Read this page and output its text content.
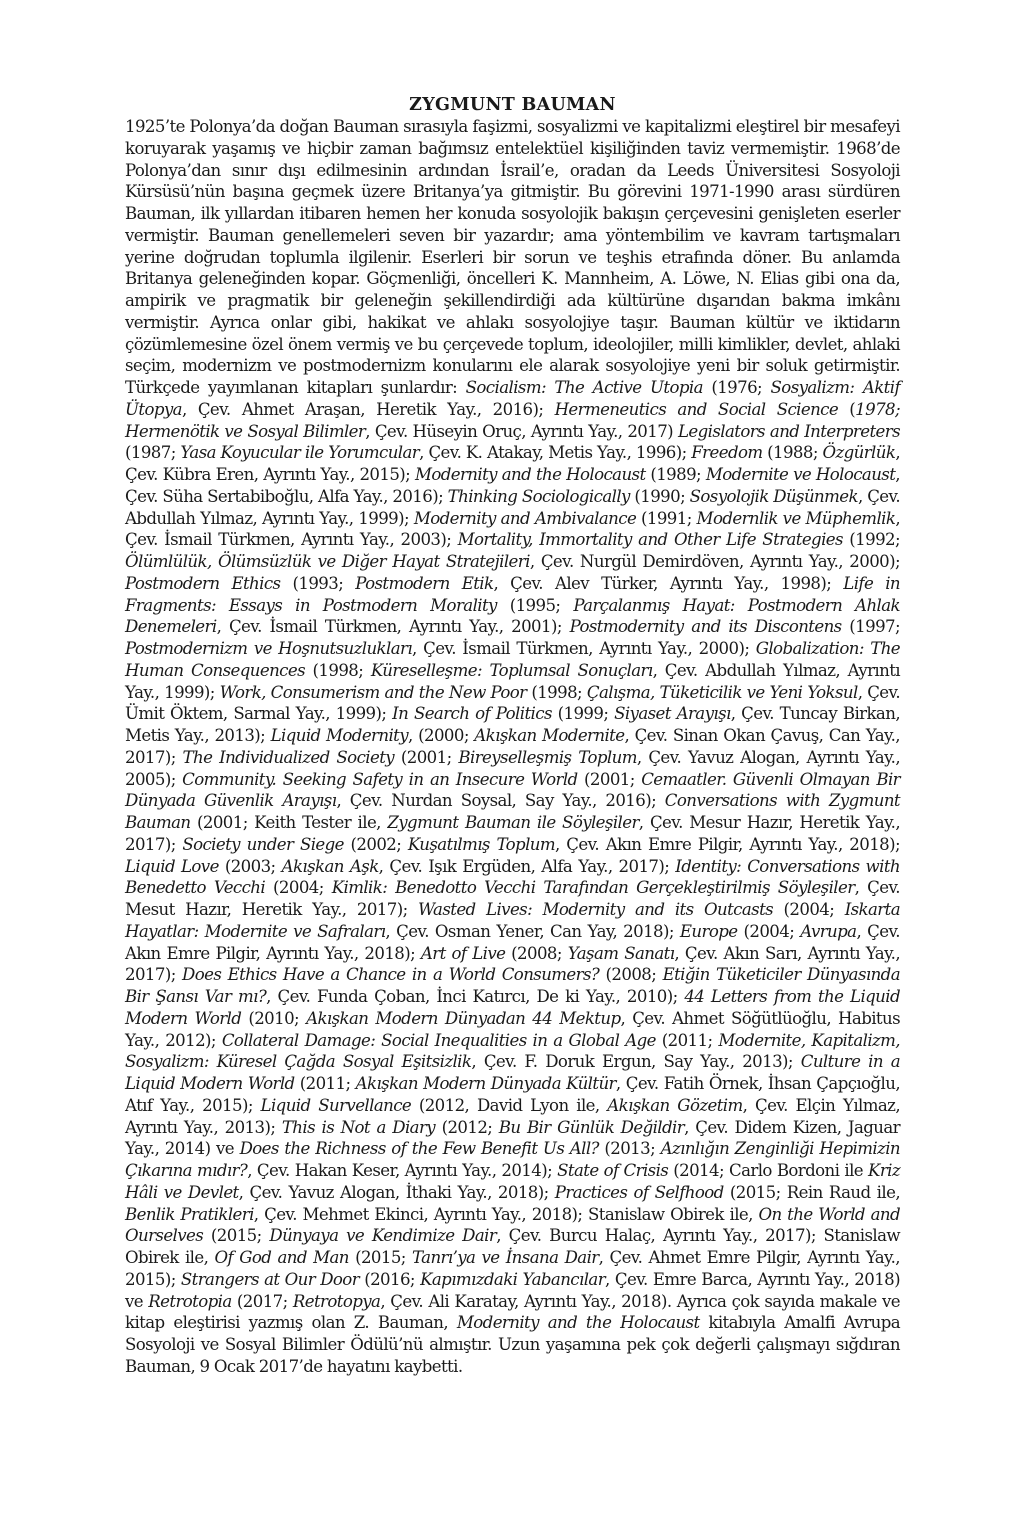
ZYGMUNT BAUMAN

1925’te Polonya’da doğan Bauman sırasıyla faşizmi, sosyalizmi ve kapitalizmi eleştirel bir mesafeyi koruyarak yaşamış ve hiçbir zaman bağımsız entelektüel kişiliğinden taviz vermemiştir. 1968’de Polonya’dan sınır dışı edilmesinin ardından İsrail’e, oradan da Leeds Üniversitesi Sosyoloji Kürsüsü’nün başına geçmek üzere Britanya’ya gitmiştir. Bu görevini 1971-1990 arası sürdüren Bauman, ilk yıllardan itibaren hemen her konuda sosyolojik bakışın çerçevesini genişleten eserler vermiştir. Bauman genellemeleri seven bir yazardır; ama yöntembilim ve kavram tartışmaları yerine doğrudan toplumla ilgilenir. Eserleri bir sorun ve teşhis etrafında döner. Bu anlamda Britanya geleneğinden kopar. Göçmenliği, öncelleri K. Mannheim, A. Löwe, N. Elias gibi ona da, ampirik ve pragmatik bir geleneğin şekillendirdiği ada kültürüne dışarıdan bakma imkânı vermiştir. Ayrıca onlar gibi, hakikat ve ahlakı sosyolojiye taşır. Bauman kültür ve iktidarın çözümlemesine özel önem vermiş ve bu çerçevede toplum, ideolojiler, milli kimlikler, devlet, ahlaki seçim, modernizm ve postmodernizm konularını ele alarak sosyolojiye yeni bir soluk getirmiştir. Türkçede yayımlanan kitapları şunlardır: Socialism: The Active Utopia (1976; Sosyalizm: Aktif Ütopya, Çev. Ahmet Araşan, Heretik Yay., 2016); Hermeneutics and Social Science (1978; Hermenötik ve Sosyal Bilimler, Çev. Hüseyin Oruç, Ayrıntı Yay., 2017) Legislators and Interpreters (1987; Yasa Koyucular ile Yorumcular, Çev. K. Atakay, Metis Yay., 1996); Freedom (1988; Özgürlük, Çev. Kübra Eren, Ayrıntı Yay., 2015); Modernity and the Holocaust (1989; Modernite ve Holocaust, Çev. Süha Sertabiboğlu, Alfa Yay., 2016); Thinking Sociologically (1990; Sosyolojik Düşünmek, Çev. Abdullah Yılmaz, Ayrıntı Yay., 1999); Modernity and Ambivalance (1991; Modernlik ve Müphemlik, Çev. İsmail Türkmen, Ayrıntı Yay., 2003); Mortality, Immortality and Other Life Strategies (1992; Ölümlülük, Ölümsüzlük ve Diğer Hayat Stratejileri, Çev. Nurgül Demirdöven, Ayrıntı Yay., 2000); Postmodern Ethics (1993; Postmodern Etik, Çev. Alev Türker, Ayrıntı Yay., 1998); Life in Fragments: Essays in Postmodern Morality (1995; Parçalanmış Hayat: Postmodern Ahlak Denemeleri, Çev. İsmail Türkmen, Ayrıntı Yay., 2001); Postmodernity and its Discontens (1997; Postmodernizm ve Hoşnutsuzlukları, Çev. İsmail Türkmen, Ayrıntı Yay., 2000); Globalization: The Human Consequences (1998; Küreselleşme: Toplumsal Sonuçları, Çev. Abdullah Yılmaz, Ayrıntı Yay., 1999); Work, Consumerism and the New Poor (1998; Çalışma, Tüketicilik ve Yeni Yoksul, Çev. Ümit Öktem, Sarmal Yay., 1999); In Search of Politics (1999; Siyaset Arayışı, Çev. Tuncay Birkan, Metis Yay., 2013); Liquid Modernity, (2000; Akışkan Modernite, Çev. Sinan Okan Çavuş, Can Yay., 2017); The Individualized Society (2001; Bireyselleşmiş Toplum, Çev. Yavuz Alogan, Ayrıntı Yay., 2005); Community. Seeking Safety in an Insecure World (2001; Cemaatler. Güvenli Olmayan Bir Dünyada Güvenlik Arayışı, Çev. Nurdan Soysal, Say Yay., 2016); Conversations with Zygmunt Bauman (2001; Keith Tester ile, Zygmunt Bauman ile Söyleşiler, Çev. Mesur Hazır, Heretik Yay., 2017); Society under Siege (2002; Kuşatılmış Toplum, Çev. Akın Emre Pilgir, Ayrıntı Yay., 2018); Liquid Love (2003; Akışkan Aşk, Çev. Işık Ergüden, Alfa Yay., 2017); Identity: Conversations with Benedetto Vecchi (2004; Kimlik: Benedotto Vecchi Tarafından Gerçekleştirilmiş Söyleşiler, Çev. Mesut Hazır, Heretik Yay., 2017); Wasted Lives: Modernity and its Outcasts (2004; Iskarta Hayatlar: Modernite ve Safraları, Çev. Osman Yener, Can Yay, 2018); Europe (2004; Avrupa, Çev. Akın Emre Pilgir, Ayrıntı Yay., 2018); Art of Live (2008; Yaşam Sanatı, Çev. Akın Sarı, Ayrıntı Yay., 2017); Does Ethics Have a Chance in a World Consumers? (2008; Etiğin Tüketiciler Dünyasında Bir Şansı Var mı?, Çev. Funda Çoban, İnci Katırcı, De ki Yay., 2010); 44 Letters from the Liquid Modern World (2010; Akışkan Modern Dünyadan 44 Mektup, Çev. Ahmet Söğütlüoğlu, Habitus Yay., 2012); Collateral Damage: Social Inequalities in a Global Age (2011; Modernite, Kapitalizm, Sosyalizm: Küresel Çağda Sosyal Eşitsizlik, Çev. F. Doruk Ergun, Say Yay., 2013); Culture in a Liquid Modern World (2011; Akışkan Modern Dünyada Kültür, Çev. Fatih Örnek, İhsan Çapçıoğlu, Atıf Yay., 2015); Liquid Survellance (2012, David Lyon ile, Akışkan Gözetim, Çev. Elçin Yılmaz, Ayrıntı Yay., 2013); This is Not a Diary (2012; Bu Bir Günlük Değildir, Çev. Didem Kizen, Jaguar Yay., 2014) ve Does the Richness of the Few Benefit Us All? (2013; Azınlığın Zenginliği Hepimizin Çıkarına mıdır?, Çev. Hakan Keser, Ayrıntı Yay., 2014); State of Crisis (2014; Carlo Bordoni ile Kriz Hâli ve Devlet, Çev. Yavuz Alogan, İthaki Yay., 2018); Practices of Selfhood (2015; Rein Raud ile, Benlik Pratikleri, Çev. Mehmet Ekinci, Ayrıntı Yay., 2018); Stanislaw Obirek ile, On the World and Ourselves (2015; Dünyaya ve Kendimize Dair, Çev. Burcu Halaç, Ayrıntı Yay., 2017); Stanislaw Obirek ile, Of God and Man (2015; Tanrı’ya ve İnsana Dair, Çev. Ahmet Emre Pilgir, Ayrıntı Yay., 2015); Strangers at Our Door (2016; Kapımızdaki Yabancılar, Çev. Emre Barca, Ayrıntı Yay., 2018) ve Retrotopia (2017; Retrotopya, Çev. Ali Karatay, Ayrıntı Yay., 2018). Ayrıca çok sayıda makale ve kitap eleştirisi yazmış olan Z. Bauman, Modernity and the Holocaust kitabıyla Amalfi Avrupa Sosyoloji ve Sosyal Bilimler Ödülü’nü almıştır. Uzun yaşamına pek çok değerli çalışmayı sığdıran Bauman, 9 Ocak 2017’de hayatını kaybetti.
